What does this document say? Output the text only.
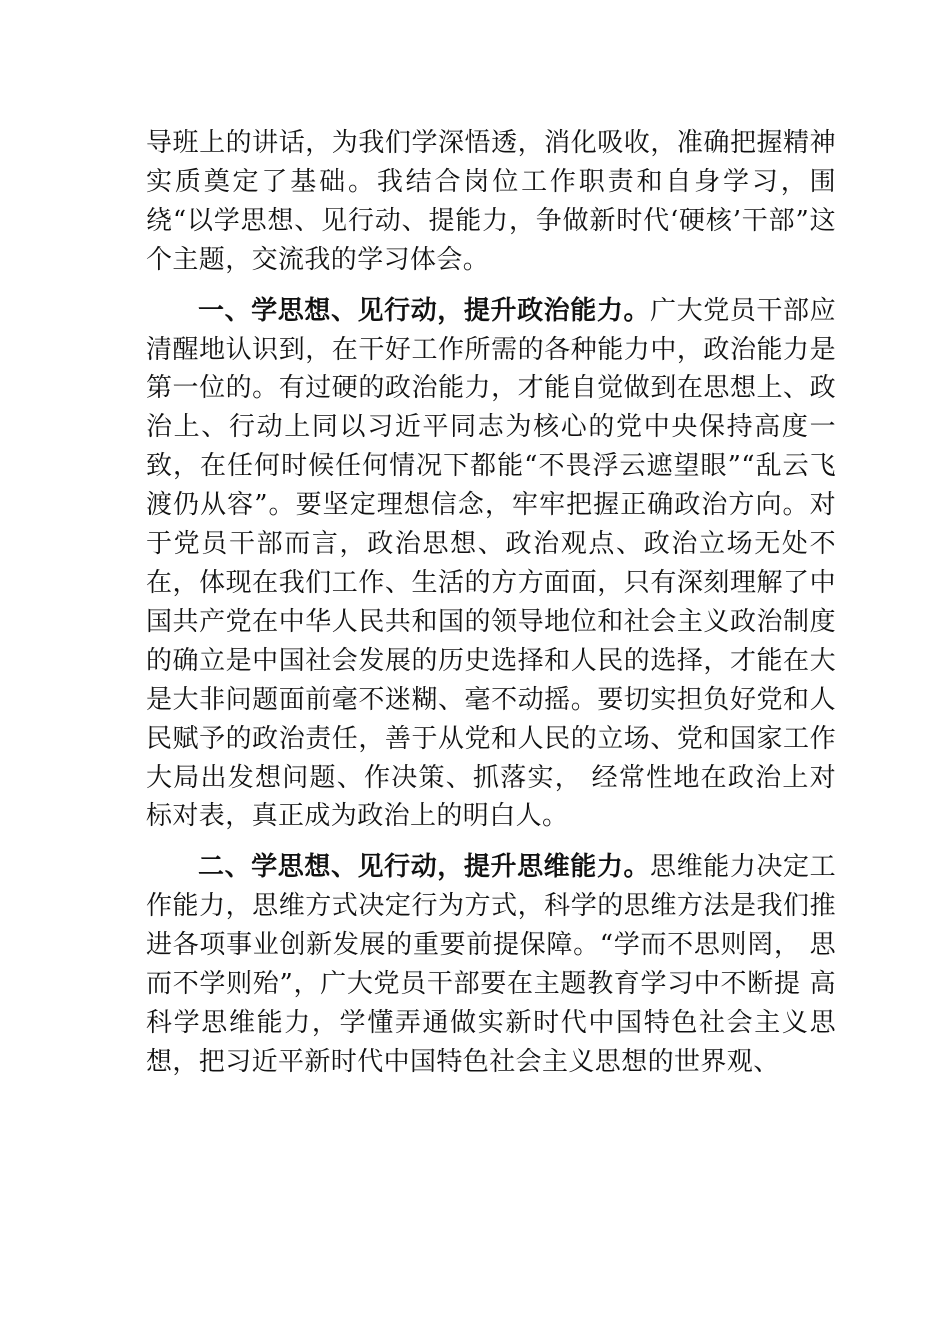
导班上的讲话，为我们学深悟透，消化吸收，准确把握精神实质奠定了基础。我结合岗位工作职责和自身学习，围绕“以学思想、见行动、提能力，争做新时代‘硬核’干部”这个主题，交流我的学习体会。

一、学思想、见行动，提升政治能力。广大党员干部应清醒地认识到，在干好工作所需的各种能力中，政治能力是第一位的。有过硬的政治能力，才能自觉做到在思想上、政治上、行动上同以习近平同志为核心的党中央保持高度一致，在任何时候任何情况下都能“不畏浮云遮望眼”“乱云飞渡仍从容”。要坚定理想信念，牢牢把握正确政治方向。对于党员干部而言，政治思想、政治观点、政治立场无处不在，体现在我们工作、生活的方方面面，只有深刻理解了中国共产党在中华人民共和国的领导地位和社会主义政治制度的确立是中国社会发展的历史选择和人民的选择，才能在大是大非问题面前毫不迷糊、毫不动摇。要切实担负好党和人民赋予的政治责任，善于从党和人民的立场、党和国家工作大局出发想问题、作决策、抓落实， 经常性地在政治上对标对表，真正成为政治上的明白人。

二、学思想、见行动，提升思维能力。思维能力决定工作能力，思维方式决定行为方式，科学的思维方法是我们推进各项事业创新发展的重要前提保障。“学而不思则罔， 思而不学则殆”，广大党员干部要在主题教育学习中不断提 高科学思维能力，学懂弄通做实新时代中国特色社会主义思想，把习近平新时代中国特色社会主义思想的世界观、
